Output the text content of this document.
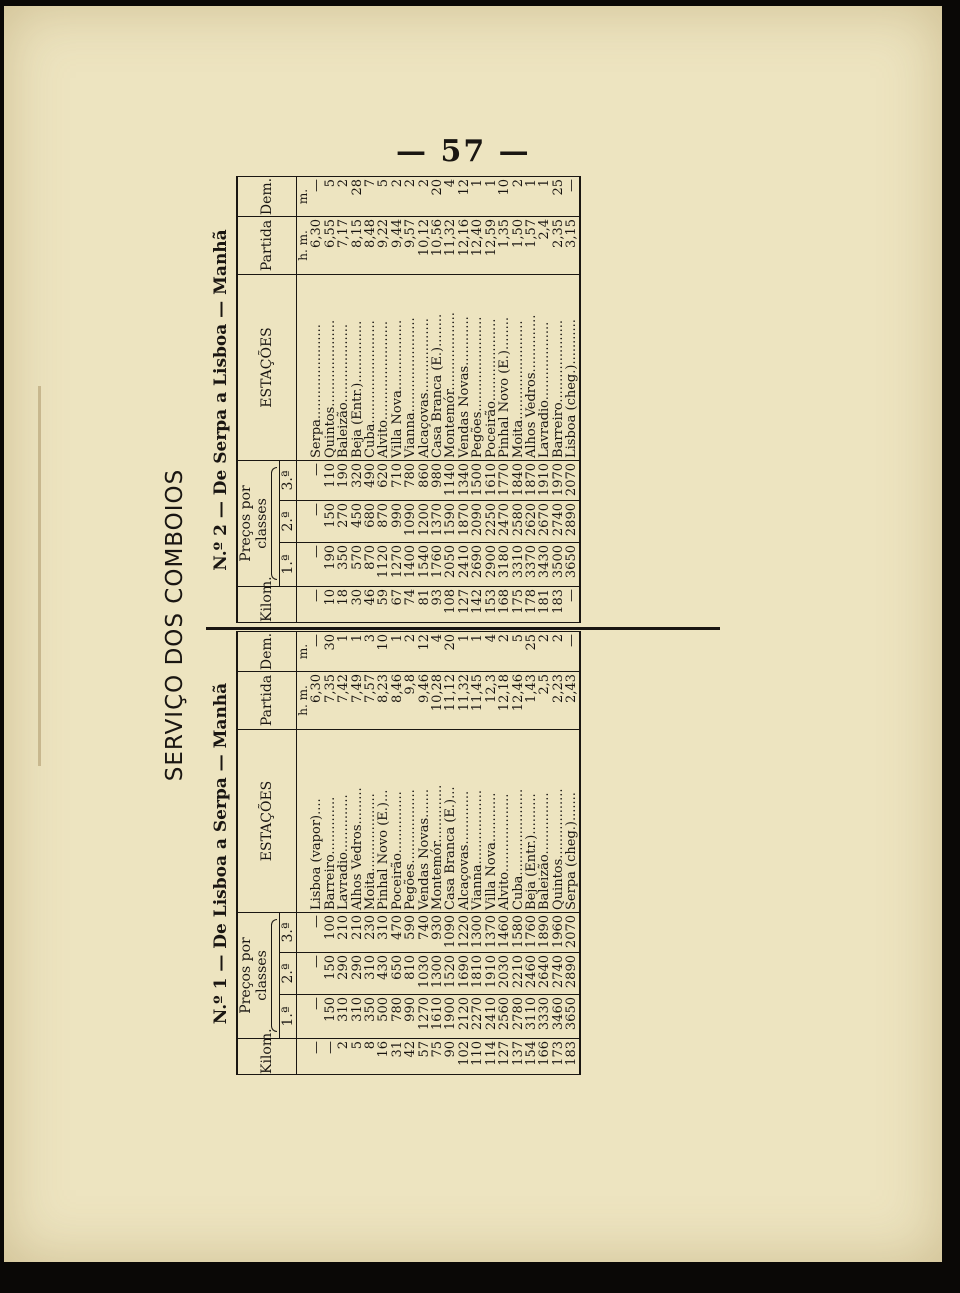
— 57 —
SERVIÇO DOS COMBOIOS
N.º 1 — De Lisboa a Serpa — Manhã
Kilom.	Preços por classes			ESTAÇÕES	Partida	Dem.
	1.ª	2.ª	3.ª			
					h. m.	m.
—	—	—	—	Lisboa (vapor)....	6,30	—
—	150	150	100	Barreiro..............	7,35	30
2	310	290	210	Lavradio..............	7,42	1
5	310	290	210	Alhos Vedros.........	7,49	1
8	350	310	230	Moita...................	7,57	3
16	500	430	310	Pinhal Novo (E.)...	8,23	10
31	780	650	470	Poceirão...............	8,46	1
42	990	810	590	Pegões..................	9,8	2
57	1270	1030	740	Vendas Novas.......	9,46	12
75	1610	1300	930	Montemór..............	10,28	4
90	1900	1520	1090	Casa Branca (E.)...	11,12	20
102	2120	1690	1220	Alcaçovas.............	11,32	1
110	2270	1810	1300	Vianna..................	11,45	1
114	2410	1910	1370	Villa Nova............	12,3	4
127	2560	2030	1460	Alvito...................	12,18	2
137	2780	2210	1580	Cuba.....................	12,46	5
154	3110	2460	1760	Beja (Entr.)..........	1,43	25
166	3330	2640	1890	Baleizão...............	2,5	2
173	3460	2740	1960	Quintos.................	2,23	2
183	3650	2890	2070	Serpa (cheg.).......	2,43	—
N.º 2 — De Serpa a Lisboa — Manhã
Kilom.	Preços por classes			ESTAÇÕES	Partida	Dem.
	1.ª	2.ª	3.ª			
					h. m.	m.
—	—	—	—	Serpa.......................	6,30	—
10	190	150	110	Quintos.....................	6,55	5
18	350	270	190	Baleizão...................	7,17	2
30	570	450	320	Beja (Entr.)...............	8,15	28
46	870	680	490	Cuba.........................	8,48	7
59	1120	870	620	Alvito........................	9,22	5
67	1270	990	710	Villa Nova.................	9,44	2
74	1400	1090	780	Vianna.......................	9,57	2
81	1540	1200	860	Alcaçovas..................	10,12	2
93	1760	1370	980	Casa Branca (E.)........	10,56	20
108	2050	1590	1140	Montemór...................	11,32	4
127	2410	1870	1340	Vendas Novas............	12,16	12
142	2690	2090	1500	Pegões.......................	12,40	1
153	2900	2250	1610	Poceirão....................	12,59	1
168	3180	2470	1770	Pinhal Novo (E.)........	1,35	10
175	3310	2580	1840	Moita........................	1,50	2
178	3370	2620	1870	Alhos Vedros..............	1,57	1
181	3430	2670	1910	Lavradio...................	2,4	1
183	3500	2740	1970	Barreiro....................	2,35	25
—	3650	2890	2070	Lisboa (cheg.)...........	3,15	—
